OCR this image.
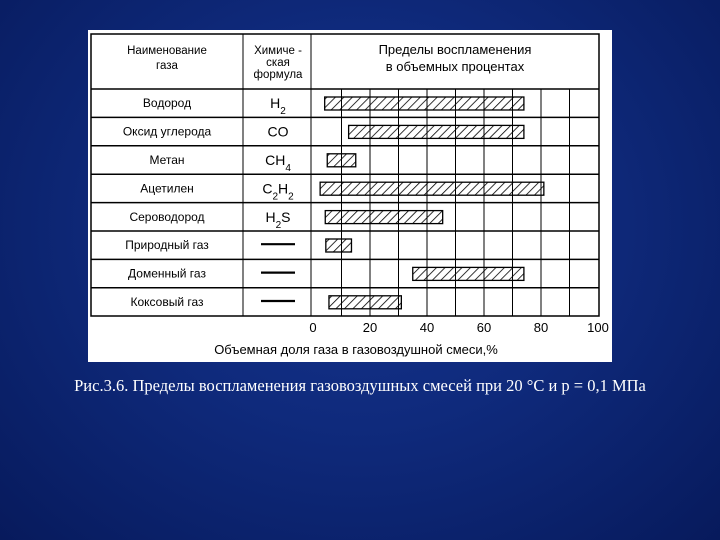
Наименование
газа
Химиче -
ская
формула
Пределы воспламенения
в объемных процентах
Водород	$H_2$
Оксид углерода	CO
Метан	$CH_4$
Ацетилен	$C_2H_2$
Сероводород	$H_2S$
Природный газ
Доменный газ
Коксовый газ
0	20	40	60	80	100
Объемная доля газа в газовоздушной смеси,%
Рис.3.6. Пределы воспламенения газовоздушных смесей при 20 °С и р = 0,1 МПа
